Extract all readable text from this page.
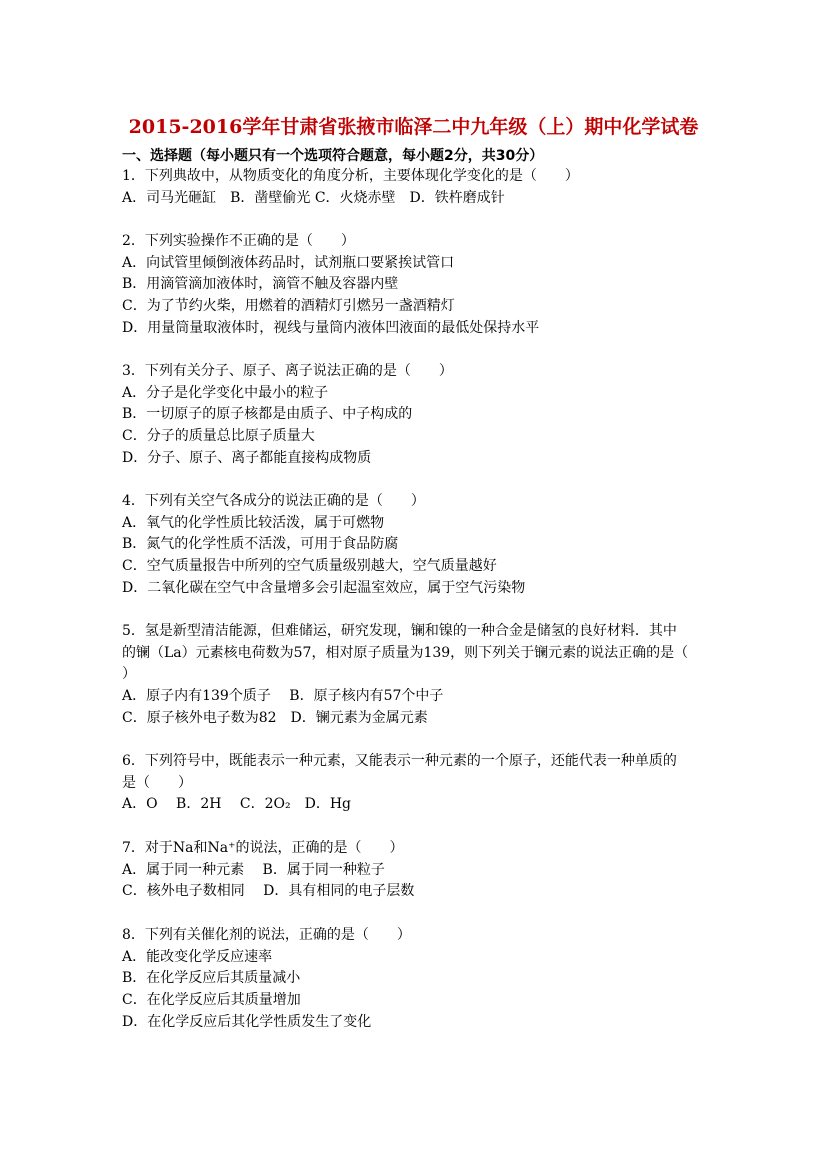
2015-2016学年甘肃省张掖市临泽二中九年级（上）期中化学试卷
一、选择题（每小题只有一个选项符合题意，每小题2分，共30分）
1．下列典故中，从物质变化的角度分析，主要体现化学变化的是（　　）
A．司马光砸缸　B．凿壁偷光 C．火烧赤壁　D．铁杵磨成针
2．下列实验操作不正确的是（　　）
A．向试管里倾倒液体药品时，试剂瓶口要紧挨试管口
B．用滴管滴加液体时，滴管不触及容器内壁
C．为了节约火柴，用燃着的酒精灯引燃另一盏酒精灯
D．用量筒量取液体时，视线与量筒内液体凹液面的最低处保持水平
3．下列有关分子、原子、离子说法正确的是（　　）
A．分子是化学变化中最小的粒子
B．一切原子的原子核都是由质子、中子构成的
C．分子的质量总比原子质量大
D．分子、原子、离子都能直接构成物质
4．下列有关空气各成分的说法正确的是（　　）
A．氧气的化学性质比较活泼，属于可燃物
B．氮气的化学性质不活泼，可用于食品防腐
C．空气质量报告中所列的空气质量级别越大，空气质量越好
D．二氧化碳在空气中含量增多会引起温室效应，属于空气污染物
5．氢是新型清洁能源，但难储运，研究发现，镧和镍的一种合金是储氢的良好材料．其中
的镧（La）元素核电荷数为57，相对原子质量为139，则下列关于镧元素的说法正确的是（
）
A．原子内有139个质子　 B．原子核内有57个中子
C．原子核外电子数为82　D．镧元素为金属元素
6．下列符号中，既能表示一种元素，又能表示一种元素的一个原子，还能代表一种单质的
是（　　）
A．O　 B．2H　 C．2O₂　D．Hg
7．对于Na和Na⁺的说法，正确的是（　　）
A．属于同一种元素　 B．属于同一种粒子
C．核外电子数相同　 D．具有相同的电子层数
8．下列有关催化剂的说法，正确的是（　　）
A．能改变化学反应速率
B．在化学反应后其质量减小
C．在化学反应后其质量增加
D．在化学反应后其化学性质发生了变化
